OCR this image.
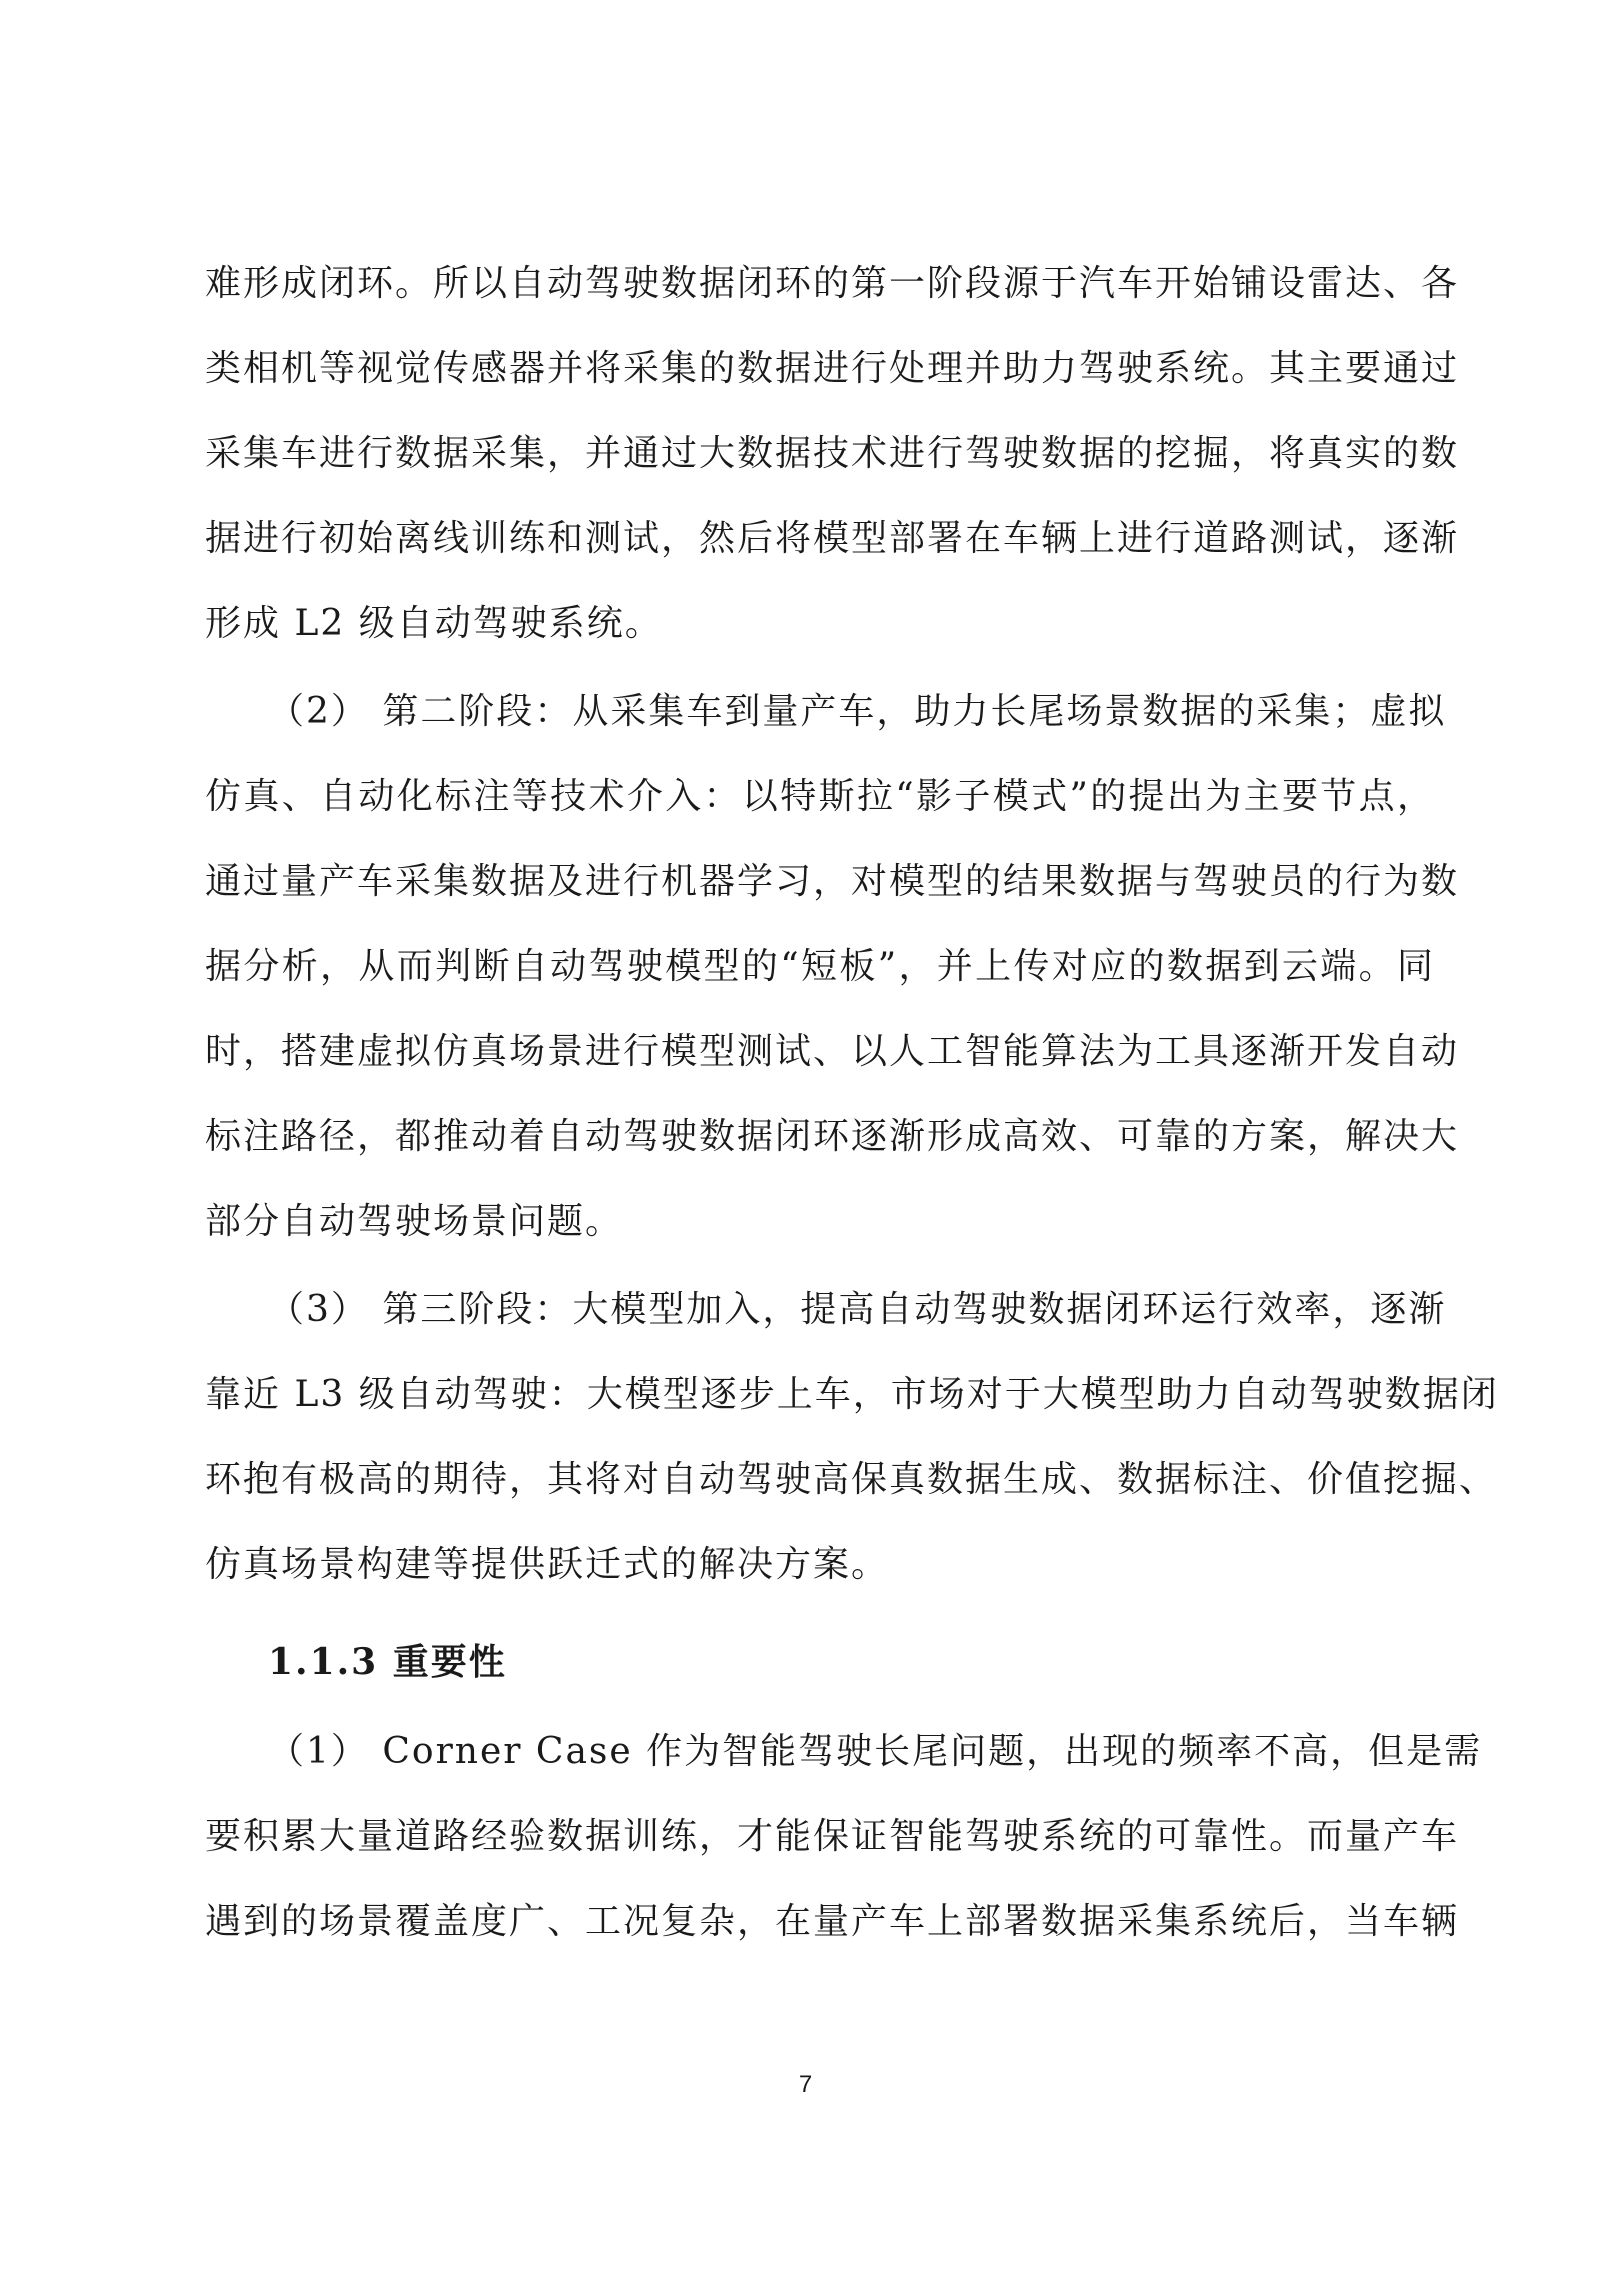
难形成闭环。所以自动驾驶数据闭环的第一阶段源于汽车开始铺设雷达、各
类相机等视觉传感器并将采集的数据进行处理并助力驾驶系统。其主要通过
采集车进行数据采集，并通过大数据技术进行驾驶数据的挖掘，将真实的数
据进行初始离线训练和测试，然后将模型部署在车辆上进行道路测试，逐渐
形成 L2 级自动驾驶系统。
（2） 第二阶段：从采集车到量产车，助力长尾场景数据的采集；虚拟
仿真、自动化标注等技术介入：以特斯拉“影子模式”的提出为主要节点，
通过量产车采集数据及进行机器学习，对模型的结果数据与驾驶员的行为数
据分析，从而判断自动驾驶模型的“短板”，并上传对应的数据到云端。同
时，搭建虚拟仿真场景进行模型测试、以人工智能算法为工具逐渐开发自动
标注路径，都推动着自动驾驶数据闭环逐渐形成高效、可靠的方案，解决大
部分自动驾驶场景问题。
（3） 第三阶段：大模型加入，提高自动驾驶数据闭环运行效率，逐渐
靠近 L3 级自动驾驶：大模型逐步上车，市场对于大模型助力自动驾驶数据闭
环抱有极高的期待，其将对自动驾驶高保真数据生成、数据标注、价值挖掘、
仿真场景构建等提供跃迁式的解决方案。
1.1.3 重要性
（1） Corner Case 作为智能驾驶长尾问题，出现的频率不高，但是需
要积累大量道路经验数据训练，才能保证智能驾驶系统的可靠性。而量产车
遇到的场景覆盖度广、工况复杂，在量产车上部署数据采集系统后，当车辆
7
